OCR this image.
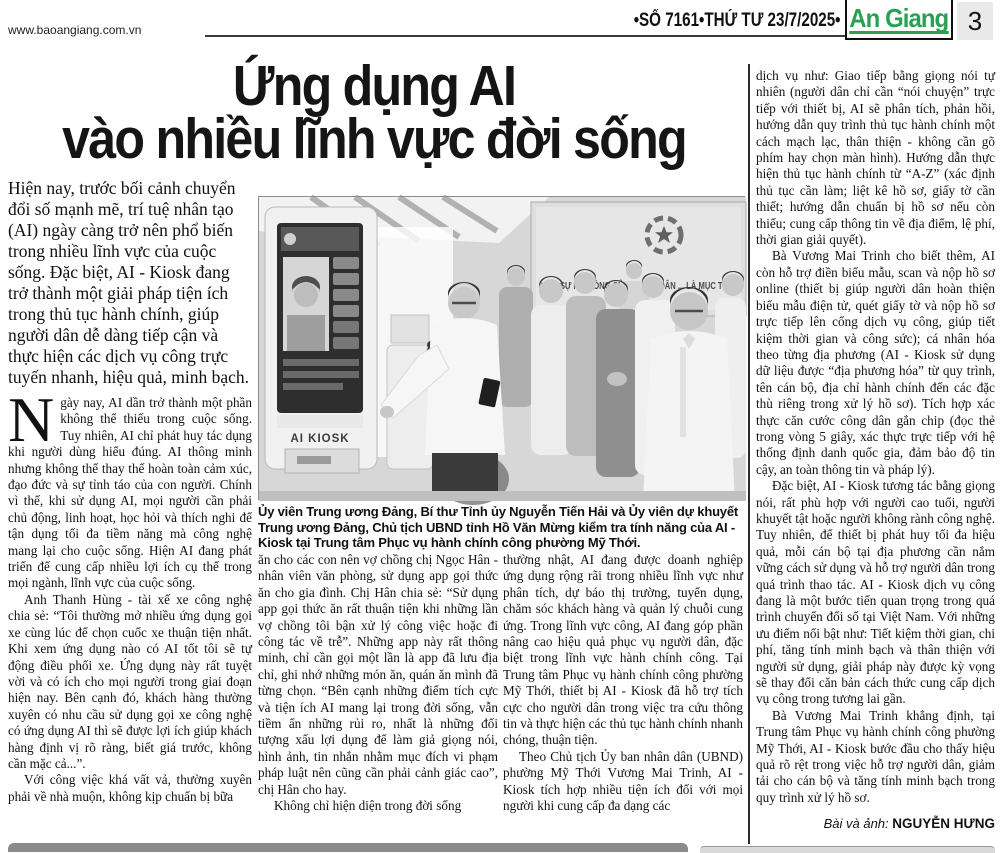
www.baoangiang.com.vn	•SỐ 7161•THỨ TƯ 23/7/2025• An Giang 3
Ứng dụng AI
vào nhiều lĩnh vực đời sống

Hiện nay, trước bối cảnh chuyển đổi số mạnh mẽ, trí tuệ nhân tạo (AI) ngày càng trở nên phổ biến trong nhiều lĩnh vực của cuộc sống. Đặc biệt, AI - Kiosk đang trở thành một giải pháp tiện ích trong thủ tục hành chính, giúp người dân dễ dàng tiếp cận và thực hiện các dịch vụ công trực tuyến nhanh, hiệu quả, minh bạch.

Ngày nay, AI dần trở thành một phần không thể thiếu trong cuộc sống. Tuy nhiên, AI chỉ phát huy tác dụng khi người dùng hiểu đúng. AI thông minh nhưng không thể thay thế hoàn toàn cảm xúc, đạo đức và sự tỉnh táo của con người. Chính vì thế, khi sử dụng AI, mọi người cần phải chủ động, linh hoạt, học hỏi và thích nghi để tận dụng tối đa tiềm năng mà công nghệ mang lại cho cuộc sống. Hiện AI đang phát triển để cung cấp nhiều lợi ích cụ thể trong mọi ngành, lĩnh vực của cuộc sống.

Anh Thanh Hùng - tài xế xe công nghệ chia sẻ: “Tôi thường mở nhiều ứng dụng gọi xe cùng lúc để chọn cuốc xe thuận tiện nhất. Khi xem ứng dụng nào có AI tốt tôi sẽ tự động điều phối xe. Ứng dụng này rất tuyệt vời và có ích cho mọi người trong giai đoạn hiện nay. Bên cạnh đó, khách hàng thường xuyên có nhu cầu sử dụng gọi xe công nghệ có ứng dụng AI thì sẽ được lợi ích giúp khách hàng định vị rõ ràng, biết giá trước, không cần mặc cả...”.

Với công việc khá vất vả, thường xuyên phải về nhà muộn, không kịp chuẩn bị bữa

“LẤY SỰ HÀI LÒNG CỦA NGƯỜI DÂN ... LÀ MỤC TIÊU”
AI KIOSK
Ủy viên Trung ương Đảng, Bí thư Tỉnh ủy Nguyễn Tiến Hải và Ủy viên dự khuyết Trung ương Đảng, Chủ tịch UBND tỉnh Hồ Văn Mừng kiểm tra tính năng của AI - Kiosk tại Trung tâm Phục vụ hành chính công phường Mỹ Thới.

ăn cho các con nên vợ chồng chị Ngọc Hân - nhân viên văn phòng, sử dụng app gọi thức ăn cho gia đình. Chị Hân chia sẻ: “Sử dụng app gọi thức ăn rất thuận tiện khi những lần vợ chồng tôi bận xử lý công việc hoặc đi công tác về trễ”. Những app này rất thông minh, chỉ cần gọi một lần là app đã lưu địa chỉ, ghi nhớ những món ăn, quán ăn mình đã từng chọn. “Bên cạnh những điểm tích cực và tiện ích AI mang lại trong đời sống, vẫn tiềm ẩn những rủi ro, nhất là những đối tượng xấu lợi dụng để làm giả giọng nói, hình ảnh, tin nhắn nhằm mục đích vi phạm pháp luật nên cũng cần phải cảnh giác cao”, chị Hân cho hay.

Không chỉ hiện diện trong đời sống

thường nhật, AI đang được doanh nghiệp ứng dụng rộng rãi trong nhiều lĩnh vực như phân tích, dự báo thị trường, tuyển dụng, chăm sóc khách hàng và quản lý chuỗi cung ứng. Trong lĩnh vực công, AI đang góp phần nâng cao hiệu quả phục vụ người dân, đặc biệt trong lĩnh vực hành chính công. Tại Trung tâm Phục vụ hành chính công phường Mỹ Thới, thiết bị AI - Kiosk đã hỗ trợ tích cực cho người dân trong việc tra cứu thông tin và thực hiện các thủ tục hành chính nhanh chóng, thuận tiện.

Theo Chủ tịch Ủy ban nhân dân (UBND) phường Mỹ Thới Vương Mai Trinh, AI - Kiosk tích hợp nhiều tiện ích đối với mọi người khi cung cấp đa dạng các

dịch vụ như: Giao tiếp bằng giọng nói tự nhiên (người dân chỉ cần “nói chuyện” trực tiếp với thiết bị, AI sẽ phân tích, phản hồi, hướng dẫn quy trình thủ tục hành chính một cách mạch lạc, thân thiện - không cần gõ phím hay chọn màn hình). Hướng dẫn thực hiện thủ tục hành chính từ “A-Z” (xác định thủ tục cần làm; liệt kê hồ sơ, giấy tờ cần thiết; hướng dẫn chuẩn bị hồ sơ nếu còn thiếu; cung cấp thông tin về địa điểm, lệ phí, thời gian giải quyết).

Bà Vương Mai Trinh cho biết thêm, AI còn hỗ trợ điền biểu mẫu, scan và nộp hồ sơ online (thiết bị giúp người dân hoàn thiện biểu mẫu điện tử, quét giấy tờ và nộp hồ sơ trực tiếp lên cổng dịch vụ công, giúp tiết kiệm thời gian và công sức); cá nhân hóa theo từng địa phương (AI - Kiosk sử dụng dữ liệu được “địa phương hóa” từ quy trình, tên cán bộ, địa chỉ hành chính đến các đặc thù riêng trong xử lý hồ sơ). Tích hợp xác thực căn cước công dân gắn chip (đọc thẻ trong vòng 5 giây, xác thực trực tiếp với hệ thống định danh quốc gia, đảm bảo độ tin cậy, an toàn thông tin và pháp lý).

Đặc biệt, AI - Kiosk tương tác bằng giọng nói, rất phù hợp với người cao tuổi, người khuyết tật hoặc người không rành công nghệ. Tuy nhiên, để thiết bị phát huy tối đa hiệu quả, mỗi cán bộ tại địa phương cần nắm vững cách sử dụng và hỗ trợ người dân trong quá trình thao tác. AI - Kiosk dịch vụ công đang là một bước tiến quan trọng trong quá trình chuyển đổi số tại Việt Nam. Với những ưu điểm nổi bật như: Tiết kiệm thời gian, chi phí, tăng tính minh bạch và thân thiện với người sử dụng, giải pháp này được kỳ vọng sẽ thay đổi căn bản cách thức cung cấp dịch vụ công trong tương lai gần.

Bà Vương Mai Trinh khẳng định, tại Trung tâm Phục vụ hành chính công phường Mỹ Thới, AI - Kiosk bước đầu cho thấy hiệu quả rõ rệt trong việc hỗ trợ người dân, giảm tải cho cán bộ và tăng tính minh bạch trong quy trình xử lý hồ sơ.

Bài và ảnh: NGUYỄN HƯNG
